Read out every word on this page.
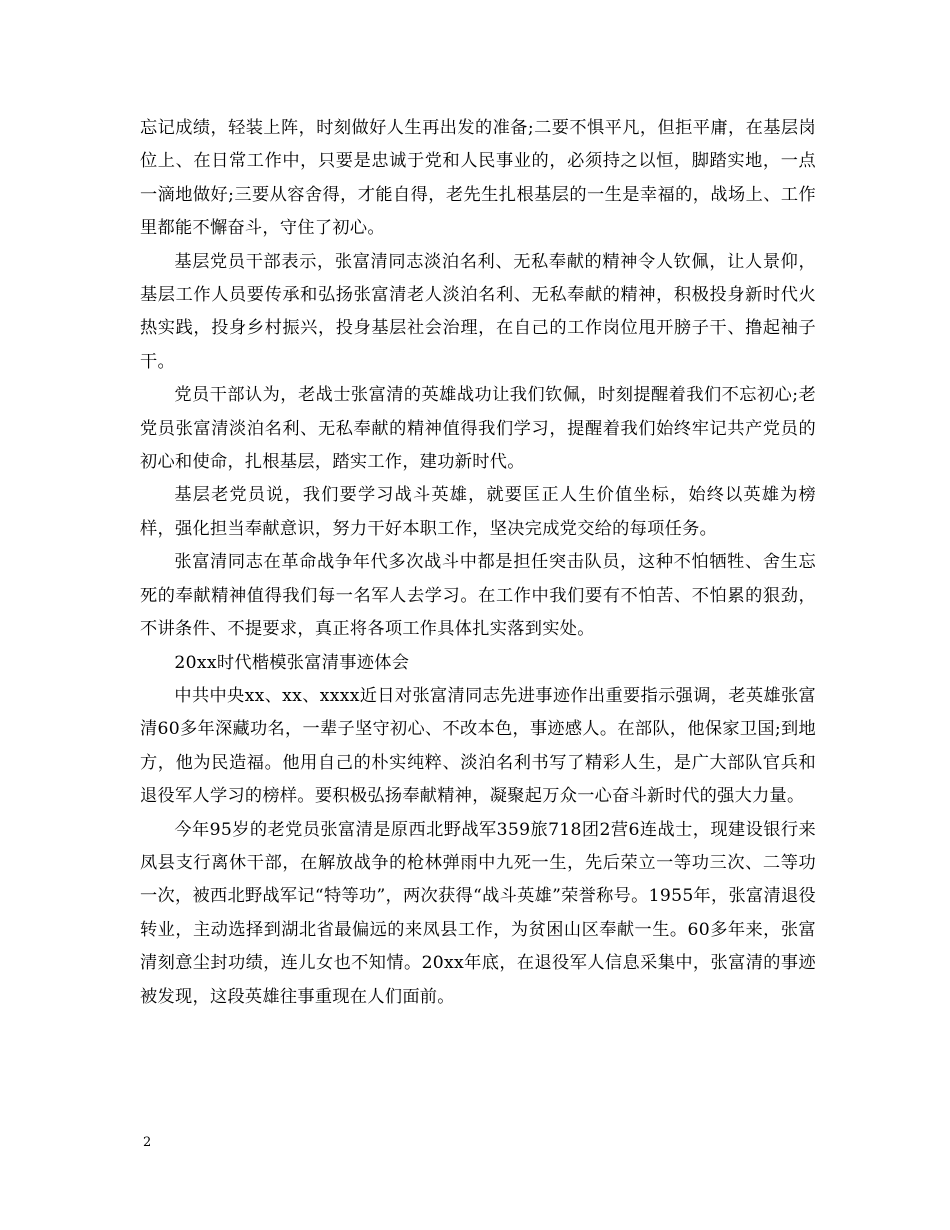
忘记成绩，轻装上阵，时刻做好人生再出发的准备;二要不惧平凡，但拒平庸，在基层岗位上、在日常工作中，只要是忠诚于党和人民事业的，必须持之以恒，脚踏实地，一点一滴地做好;三要从容舍得，才能自得，老先生扎根基层的一生是幸福的，战场上、工作里都能不懈奋斗，守住了初心。

基层党员干部表示，张富清同志淡泊名利、无私奉献的精神令人钦佩，让人景仰，基层工作人员要传承和弘扬张富清老人淡泊名利、无私奉献的精神，积极投身新时代火热实践，投身乡村振兴，投身基层社会治理，在自己的工作岗位甩开膀子干、撸起袖子干。

党员干部认为，老战士张富清的英雄战功让我们钦佩，时刻提醒着我们不忘初心;老党员张富清淡泊名利、无私奉献的精神值得我们学习，提醒着我们始终牢记共产党员的初心和使命，扎根基层，踏实工作，建功新时代。

基层老党员说，我们要学习战斗英雄，就要匡正人生价值坐标，始终以英雄为榜样，强化担当奉献意识，努力干好本职工作，坚决完成党交给的每项任务。

张富清同志在革命战争年代多次战斗中都是担任突击队员，这种不怕牺牲、舍生忘死的奉献精神值得我们每一名军人去学习。在工作中我们要有不怕苦、不怕累的狠劲，不讲条件、不提要求，真正将各项工作具体扎实落到实处。

20xx时代楷模张富清事迹体会

中共中央xx、xx、xxxx近日对张富清同志先进事迹作出重要指示强调，老英雄张富清60多年深藏功名，一辈子坚守初心、不改本色，事迹感人。在部队，他保家卫国;到地方，他为民造福。他用自己的朴实纯粹、淡泊名利书写了精彩人生，是广大部队官兵和退役军人学习的榜样。要积极弘扬奉献精神，凝聚起万众一心奋斗新时代的强大力量。

今年95岁的老党员张富清是原西北野战军359旅718团2营6连战士，现建设银行来凤县支行离休干部，在解放战争的枪林弹雨中九死一生，先后荣立一等功三次、二等功一次，被西北野战军记“特等功”，两次获得“战斗英雄”荣誉称号。1955年，张富清退役转业，主动选择到湖北省最偏远的来凤县工作，为贫困山区奉献一生。60多年来，张富清刻意尘封功绩，连儿女也不知情。20xx年底，在退役军人信息采集中，张富清的事迹被发现，这段英雄往事重现在人们面前。

2
